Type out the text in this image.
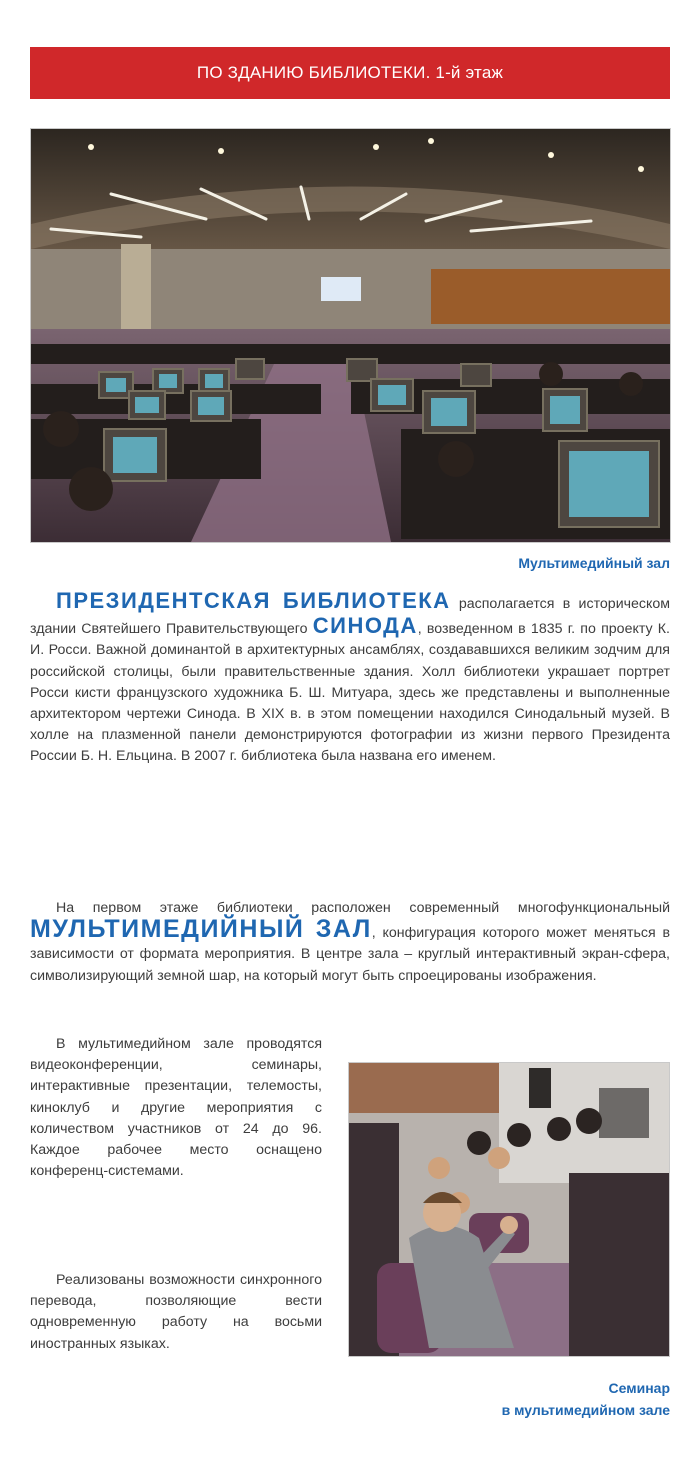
ПО ЗДАНИЮ БИБЛИОТЕКИ. 1-й этаж
Мультимедийный зал
ПРЕЗИДЕНТСКАЯ БИБЛИОТЕКА располагается в историческом здании Святейшего Правительствующего СИНОДА, возведенном в 1835 г. по проекту К. И. Росси. Важной доминантой в архитектурных ансамблях, создававшихся великим зодчим для российской столицы, были правительственные здания. Холл библиотеки украшает портрет Росси кисти французского художника Б. Ш. Митуара, здесь же представлены и выполненные архитектором чертежи Синода. В XIX в. в этом помещении находился Синодальный музей. В холле на плазменной панели демонстрируются фотографии из жизни первого Президента России Б. Н. Ельцина. В 2007 г. библиотека была названа его именем.
На первом этаже библиотеки расположен современный многофункциональный МУЛЬТИМЕДИЙНЫЙ ЗАЛ, конфигурация которого может меняться в зависимости от формата мероприятия. В центре зала – круглый интерактивный экран-сфера, символизирующий земной шар, на который могут быть спроецированы изображения.
В мультимедийном зале проводятся видеоконференции, семинары, интерактивные презентации, телемосты, киноклуб и другие мероприятия с количеством участников от 24 до 96. Каждое рабочее место оснащено конференц-системами.
Реализованы возможности синхронного перевода, позволяющие вести одновременную работу на восьми иностранных языках.
Семинар
в мультимедийном зале
